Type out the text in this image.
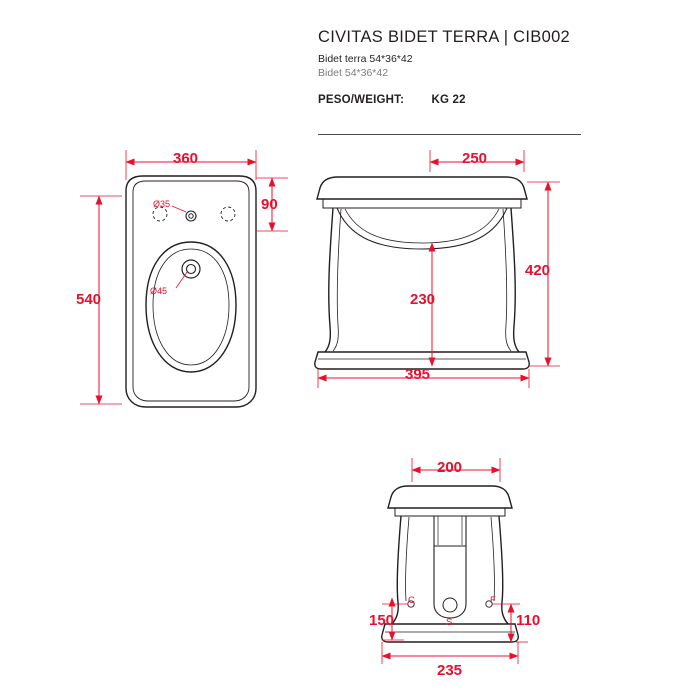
CIVITAS BIDET TERRA | CIB002
Bidet terra 54*36*42
Bidet 54*36*42
PESO/WEIGHT: KG 22
360
540
90
Ø35
Ø45
250
420
230
395
200
150	110
235
C	F
S
